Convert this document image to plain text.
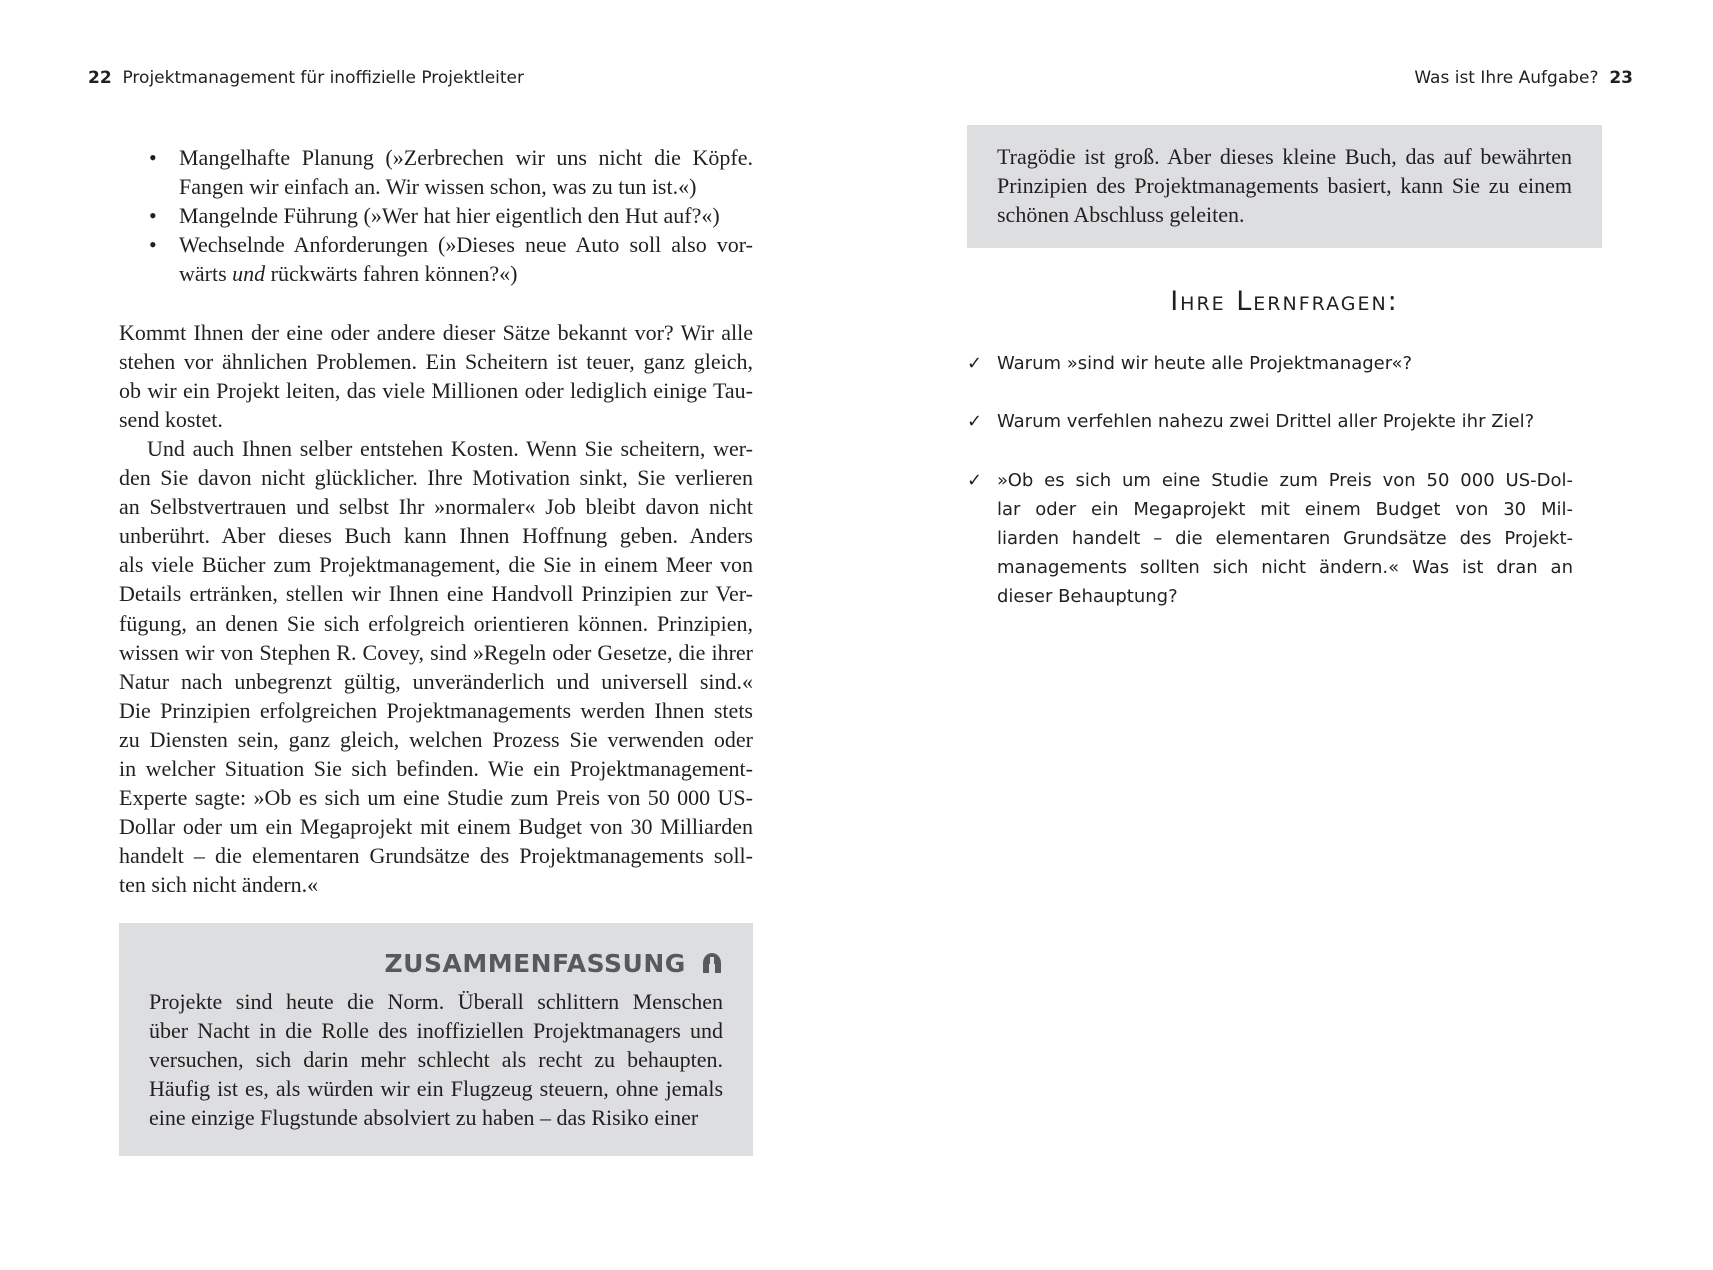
22 Projektmanagement für inoffizielle Projektleiter	Was ist Ihre Aufgabe? 23
• Mangelhafte Planung (»Zerbrechen wir uns nicht die Köpfe.
Fangen wir einfach an. Wir wissen schon, was zu tun ist.«)
• Mangelnde Führung (»Wer hat hier eigentlich den Hut auf?«)
• Wechselnde Anforderungen (»Dieses neue Auto soll also vor-
wärts und rückwärts fahren können?«)
Kommt Ihnen der eine oder andere dieser Sätze bekannt vor? Wir alle
stehen vor ähnlichen Problemen. Ein Scheitern ist teuer, ganz gleich,
ob wir ein Projekt leiten, das viele Millionen oder lediglich einige Tau-
send kostet.
Und auch Ihnen selber entstehen Kosten. Wenn Sie scheitern, wer-
den Sie davon nicht glücklicher. Ihre Motivation sinkt, Sie verlieren
an Selbstvertrauen und selbst Ihr »normaler« Job bleibt davon nicht
unberührt. Aber dieses Buch kann Ihnen Hoffnung geben. Anders
als viele Bücher zum Projektmanagement, die Sie in einem Meer von
Details ertränken, stellen wir Ihnen eine Handvoll Prinzipien zur Ver-
fügung, an denen Sie sich erfolgreich orientieren können. Prinzipien,
wissen wir von Stephen R. Covey, sind »Regeln oder Gesetze, die ihrer
Natur nach unbegrenzt gültig, unveränderlich und universell sind.«
Die Prinzipien erfolgreichen Projektmanagements werden Ihnen stets
zu Diensten sein, ganz gleich, welchen Prozess Sie verwenden oder
in welcher Situation Sie sich befinden. Wie ein Projektmanagement-
Experte sagte: »Ob es sich um eine Studie zum Preis von 50 000 US-
Dollar oder um ein Megaprojekt mit einem Budget von 30 Milliarden
handelt – die elementaren Grundsätze des Projektmanagements soll-
ten sich nicht ändern.«
ZUSAMMENFASSUNG
Projekte sind heute die Norm. Überall schlittern Menschen
über Nacht in die Rolle des inoffiziellen Projektmanagers und
versuchen, sich darin mehr schlecht als recht zu behaupten.
Häufig ist es, als würden wir ein Flugzeug steuern, ohne jemals
eine einzige Flugstunde absolviert zu haben – das Risiko einer
Tragödie ist groß. Aber dieses kleine Buch, das auf bewährten
Prinzipien des Projektmanagements basiert, kann Sie zu einem
schönen Abschluss geleiten.
Ihre Lernfragen:
✓ Warum »sind wir heute alle Projektmanager«?
✓ Warum verfehlen nahezu zwei Drittel aller Projekte ihr Ziel?
✓ »Ob es sich um eine Studie zum Preis von 50 000 US-Dol-
lar oder ein Megaprojekt mit einem Budget von 30 Mil-
liarden handelt – die elementaren Grundsätze des Projekt-
managements sollten sich nicht ändern.« Was ist dran an
dieser Behauptung?
